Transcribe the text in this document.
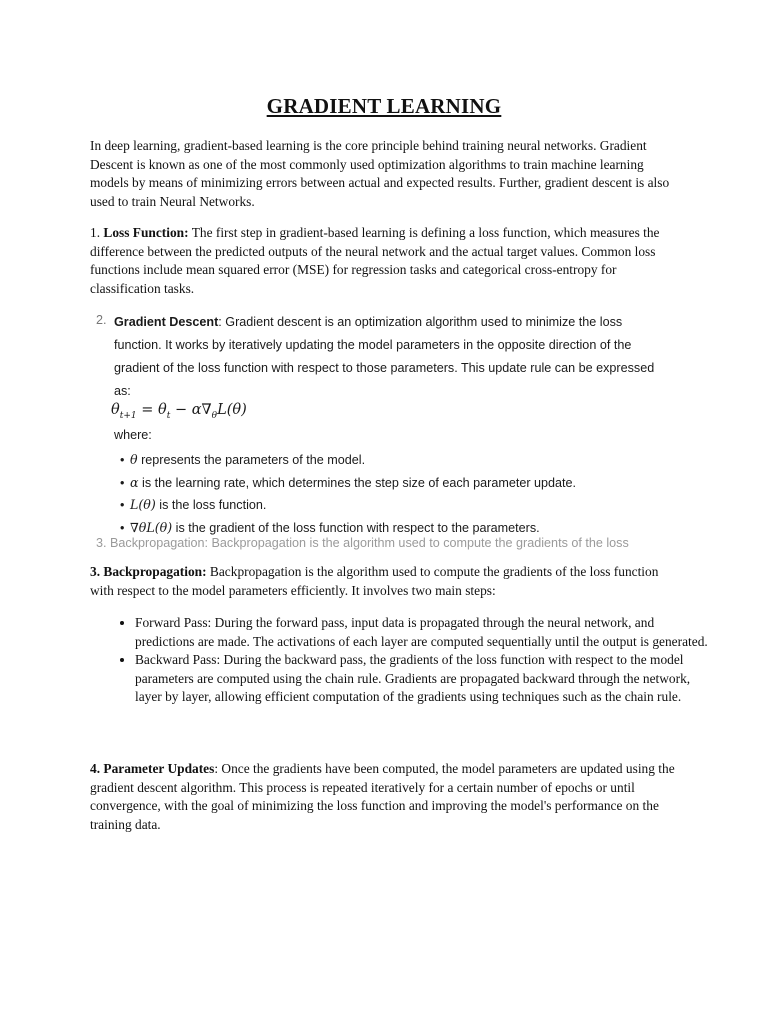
GRADIENT LEARNING
In deep learning, gradient-based learning is the core principle behind training neural networks. Gradient Descent is known as one of the most commonly used optimization algorithms to train machine learning models by means of minimizing errors between actual and expected results. Further, gradient descent is also used to train Neural Networks.
1. Loss Function: The first step in gradient-based learning is defining a loss function, which measures the difference between the predicted outputs of the neural network and the actual target values. Common loss functions include mean squared error (MSE) for regression tasks and categorical cross-entropy for classification tasks.
2. Gradient Descent: Gradient descent is an optimization algorithm used to minimize the loss
function. It works by iteratively updating the model parameters in the opposite direction of the
gradient of the loss function with respect to those parameters. This update rule can be expressed
as:
$\theta_{t+1} = \theta_t - \alpha\nabla_\theta L(\theta)$
where:
• θ represents the parameters of the model.
• α is the learning rate, which determines the step size of each parameter update.
• L(θ) is the loss function.
• ∇θL(θ) is the gradient of the loss function with respect to the parameters.
3. Backpropagation: Backpropagation is the algorithm used to compute the gradients of the loss
3. Backpropagation: Backpropagation is the algorithm used to compute the gradients of the loss function with respect to the model parameters efficiently. It involves two main steps:
• Forward Pass: During the forward pass, input data is propagated through the neural network, and predictions are made. The activations of each layer are computed sequentially until the output is generated.
• Backward Pass: During the backward pass, the gradients of the loss function with respect to the model parameters are computed using the chain rule. Gradients are propagated backward through the network, layer by layer, allowing efficient computation of the gradients using techniques such as the chain rule.
4. Parameter Updates: Once the gradients have been computed, the model parameters are updated using the gradient descent algorithm. This process is repeated iteratively for a certain number of epochs or until convergence, with the goal of minimizing the loss function and improving the model's performance on the training data.
